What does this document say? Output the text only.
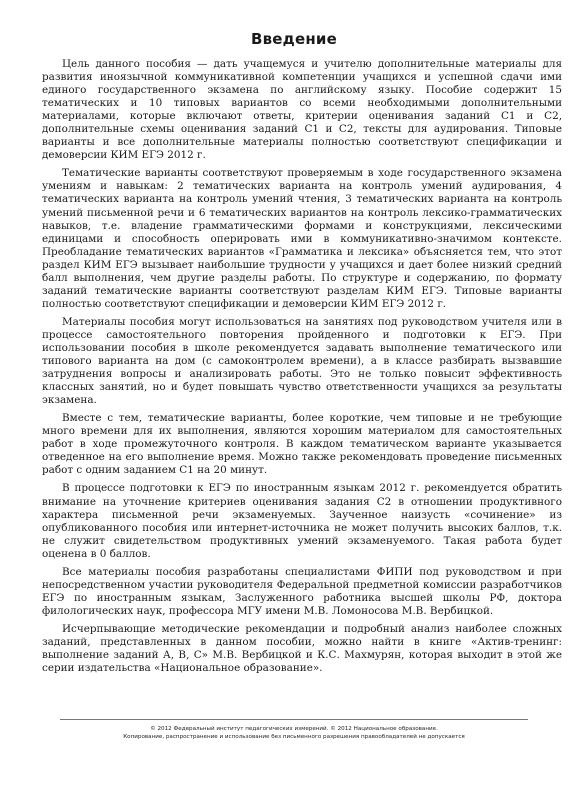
Введение

Цель данного пособия — дать учащемуся и учителю дополнительные материалы для развития иноязычной коммуникативной компетенции учащихся и успешной сдачи ими единого государственного экзамена по английскому языку. Пособие содержит 15 тематических и 10 типовых вариантов со всеми необходимыми дополнительными материалами, которые включают ответы, критерии оценивания заданий С1 и С2, дополнительные схемы оценивания заданий С1 и С2, тексты для аудирования. Типовые варианты и все дополнительные материалы полностью соответствуют спецификации и демоверсии КИМ ЕГЭ 2012 г.

Тематические варианты соответствуют проверяемым в ходе государственного экзамена умениям и навыкам: 2 тематических варианта на контроль умений аудирования, 4 тематических варианта на контроль умений чтения, 3 тематических варианта на контроль умений письменной речи и 6 тематических вариантов на контроль лексико-грамматических навыков, т.е. владение грамматическими формами и конструкциями, лексическими единицами и способность оперировать ими в коммуникативно-значимом контексте. Преобладание тематических вариантов «Грамматика и лексика» объясняется тем, что этот раздел КИМ ЕГЭ вызывает наибольшие трудности у учащихся и дает более низкий средний балл выполнения, чем другие разделы работы. По структуре и содержанию, по формату заданий тематические варианты соответствуют разделам КИМ ЕГЭ. Типовые варианты полностью соответствуют спецификации и демоверсии КИМ ЕГЭ 2012 г.

Материалы пособия могут использоваться на занятиях под руководством учителя или в процессе самостоятельного повторения пройденного и подготовки к ЕГЭ. При использовании пособия в школе рекомендуется задавать выполнение тематического или типового варианта на дом (с самоконтролем времени), а в классе разбирать вызвавшие затруднения вопросы и анализировать работы. Это не только повысит эффективность классных занятий, но и будет повышать чувство ответственности учащихся за результаты экзамена.

Вместе с тем, тематические варианты, более короткие, чем типовые и не требующие много времени для их выполнения, являются хорошим материалом для самостоятельных работ в ходе промежуточного контроля. В каждом тематическом варианте указывается отведенное на его выполнение время. Можно также рекомендовать проведение письменных работ с одним заданием С1 на 20 минут.

В процессе подготовки к ЕГЭ по иностранным языкам 2012 г. рекомендуется обратить внимание на уточнение критериев оценивания задания С2 в отношении продуктивного характера письменной речи экзаменуемых. Заученное наизусть «сочинение» из опубликованного пособия или интернет-источника не может получить высоких баллов, т.к. не служит свидетельством продуктивных умений экзаменуемого. Такая работа будет оценена в 0 баллов.

Все материалы пособия разработаны специалистами ФИПИ под руководством и при непосредственном участии руководителя Федеральной предметной комиссии разработчиков ЕГЭ по иностранным языкам, Заслуженного работника высшей школы РФ, доктора филологических наук, профессора МГУ имени М.В. Ломоносова М.В. Вербицкой.

Исчерпывающие методические рекомендации и подробный анализ наиболее сложных заданий, представленных в данном пособии, можно найти в книге «Актив-тренинг: выполнение заданий А, В, С» М.В. Вербицкой и К.С. Махмурян, которая выходит в этой же серии издательства «Национальное образование».

© 2012 Федеральный институт педагогических измерений. © 2012 Национальное образование.
Копирование, распространение и использование без письменного разрешения правообладателей не допускается
